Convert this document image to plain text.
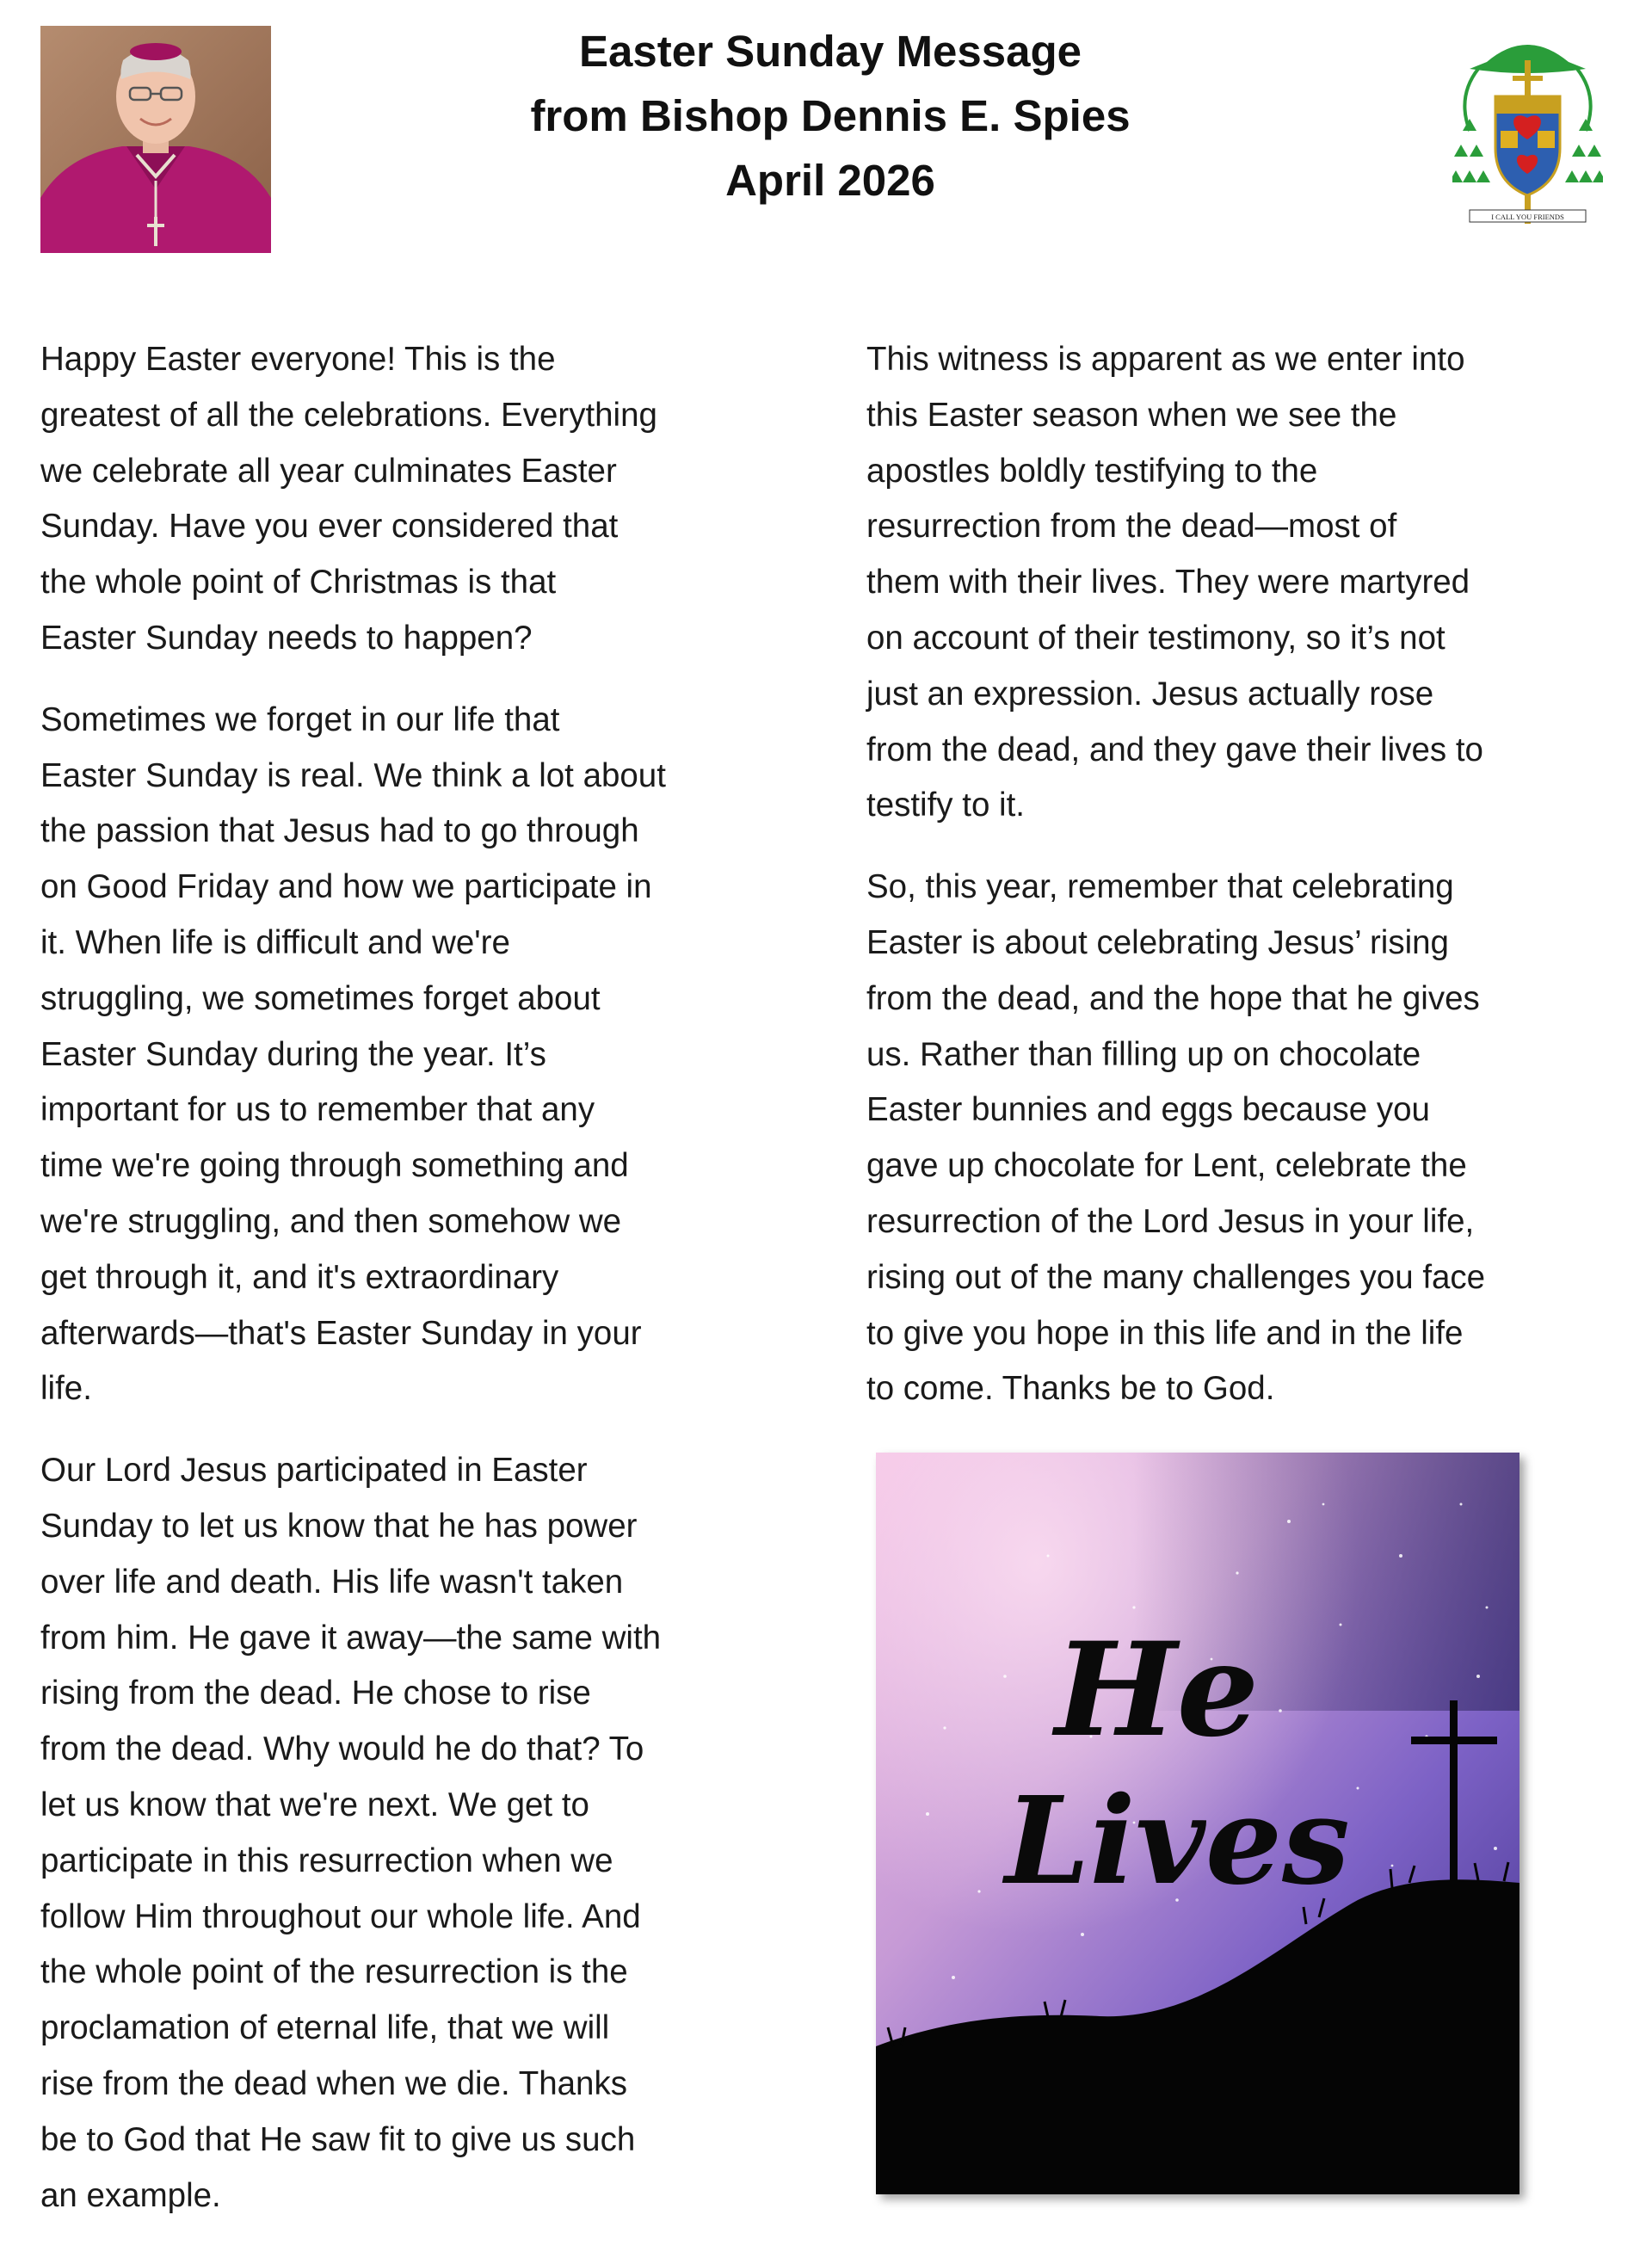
Easter Sunday Message
from Bishop Dennis E. Spies
April 2026
I CALL YOU FRIENDS

Happy Easter everyone! This is the
greatest of all the celebrations. Everything
we celebrate all year culminates Easter
Sunday. Have you ever considered that
the whole point of Christmas is that
Easter Sunday needs to happen?

Sometimes we forget in our life that
Easter Sunday is real. We think a lot about
the passion that Jesus had to go through
on Good Friday and how we participate in
it. When life is difficult and we're
struggling, we sometimes forget about
Easter Sunday during the year. It’s
important for us to remember that any
time we're going through something and
we're struggling, and then somehow we
get through it, and it's extraordinary
afterwards—that's Easter Sunday in your
life.

Our Lord Jesus participated in Easter
Sunday to let us know that he has power
over life and death. His life wasn't taken
from him. He gave it away—the same with
rising from the dead. He chose to rise
from the dead. Why would he do that? To
let us know that we're next. We get to
participate in this resurrection when we
follow Him throughout our whole life. And
the whole point of the resurrection is the
proclamation of eternal life, that we will
rise from the dead when we die. Thanks
be to God that He saw fit to give us such
an example.

This witness is apparent as we enter into
this Easter season when we see the
apostles boldly testifying to the
resurrection from the dead—most of
them with their lives. They were martyred
on account of their testimony, so it’s not
just an expression. Jesus actually rose
from the dead, and they gave their lives to
testify to it.

So, this year, remember that celebrating
Easter is about celebrating Jesus’ rising
from the dead, and the hope that he gives
us. Rather than filling up on chocolate
Easter bunnies and eggs because you
gave up chocolate for Lent, celebrate the
resurrection of the Lord Jesus in your life,
rising out of the many challenges you face
to give you hope in this life and in the life
to come. Thanks be to God.

He
Lives
